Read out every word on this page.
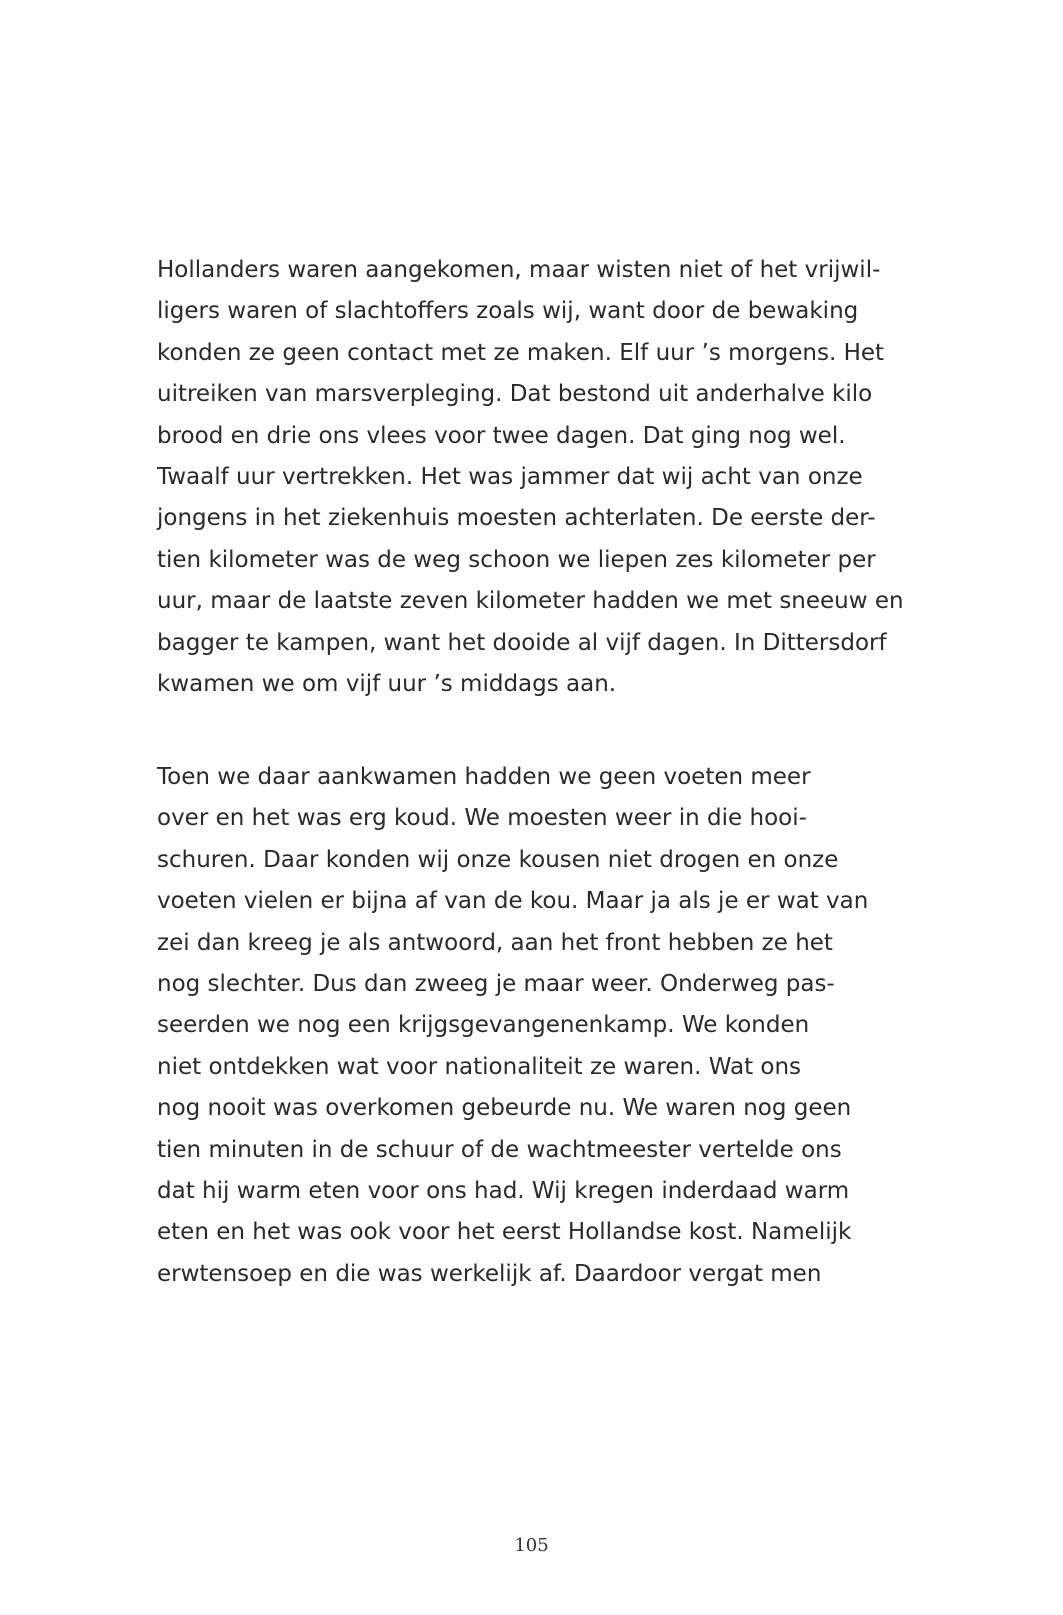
Hollanders waren aangekomen, maar wisten niet of het vrijwil-
ligers waren of slachtoffers zoals wij, want door de bewaking
konden ze geen contact met ze maken. Elf uur ’s morgens. Het
uitreiken van marsverpleging. Dat bestond uit anderhalve kilo
brood en drie ons vlees voor twee dagen. Dat ging nog wel.
Twaalf uur vertrekken. Het was jammer dat wij acht van onze
jongens in het ziekenhuis moesten achterlaten. De eerste der-
tien kilometer was de weg schoon we liepen zes kilometer per
uur, maar de laatste zeven kilometer hadden we met sneeuw en
bagger te kampen, want het dooide al vijf dagen. In Dittersdorf
kwamen we om vijf uur ’s middags aan.
Toen we daar aankwamen hadden we geen voeten meer
over en het was erg koud. We moesten weer in die hooi-
schuren. Daar konden wij onze kousen niet drogen en onze
voeten vielen er bijna af van de kou. Maar ja als je er wat van
zei dan kreeg je als antwoord, aan het front hebben ze het
nog slechter. Dus dan zweeg je maar weer. Onderweg pas-
seerden we nog een krijgsgevangenenkamp. We konden
niet ontdekken wat voor nationaliteit ze waren. Wat ons
nog nooit was overkomen gebeurde nu. We waren nog geen
tien minuten in de schuur of de wachtmeester vertelde ons
dat hij warm eten voor ons had. Wij kregen inderdaad warm
eten en het was ook voor het eerst Hollandse kost. Namelijk
erwtensoep en die was werkelijk af. Daardoor vergat men
105
